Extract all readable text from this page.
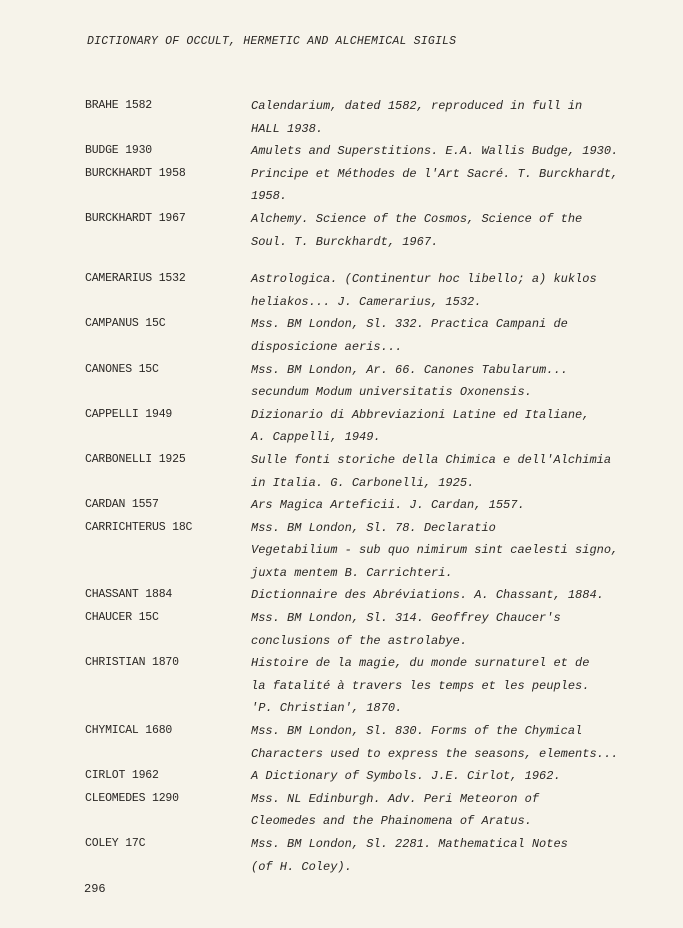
DICTIONARY OF OCCULT, HERMETIC AND ALCHEMICAL SIGILS
BRAHE 1582	Calendarium, dated 1582, reproduced in full in
HALL 1938.
BUDGE 1930	Amulets and Superstitions. E.A. Wallis Budge, 1930.
BURCKHARDT 1958	Principe et Méthodes de l'Art Sacré. T. Burckhardt,
1958.
BURCKHARDT 1967	Alchemy. Science of the Cosmos, Science of the
Soul. T. Burckhardt, 1967.
CAMERARIUS 1532	Astrologica. (Continentur hoc libello; a) kuklos
heliakos... J. Camerarius, 1532.
CAMPANUS 15C	Mss. BM London, Sl. 332. Practica Campani de
disposicione aeris...
CANONES 15C	Mss. BM London, Ar. 66. Canones Tabularum...
secundum Modum universitatis Oxonensis.
CAPPELLI 1949	Dizionario di Abbreviazioni Latine ed Italiane,
A. Cappelli, 1949.
CARBONELLI 1925	Sulle fonti storiche della Chimica e dell'Alchimia
in Italia. G. Carbonelli, 1925.
CARDAN 1557	Ars Magica Arteficii. J. Cardan, 1557.
CARRICHTERUS 18C	Mss. BM London, Sl. 78. Declaratio
Vegetabilium - sub quo nimirum sint caelesti signo,
juxta mentem B. Carrichteri.
CHASSANT 1884	Dictionnaire des Abréviations. A. Chassant, 1884.
CHAUCER 15C	Mss. BM London, Sl. 314. Geoffrey Chaucer's
conclusions of the astrolabye.
CHRISTIAN 1870	Histoire de la magie, du monde surnaturel et de
la fatalité à travers les temps et les peuples.
'P. Christian', 1870.
CHYMICAL 1680	Mss. BM London, Sl. 830. Forms of the Chymical
Characters used to express the seasons, elements...
CIRLOT 1962	A Dictionary of Symbols. J.E. Cirlot, 1962.
CLEOMEDES 1290	Mss. NL Edinburgh. Adv. Peri Meteoron of
Cleomedes and the Phainomena of Aratus.
COLEY 17C	Mss. BM London, Sl. 2281. Mathematical Notes
(of H. Coley).
296
